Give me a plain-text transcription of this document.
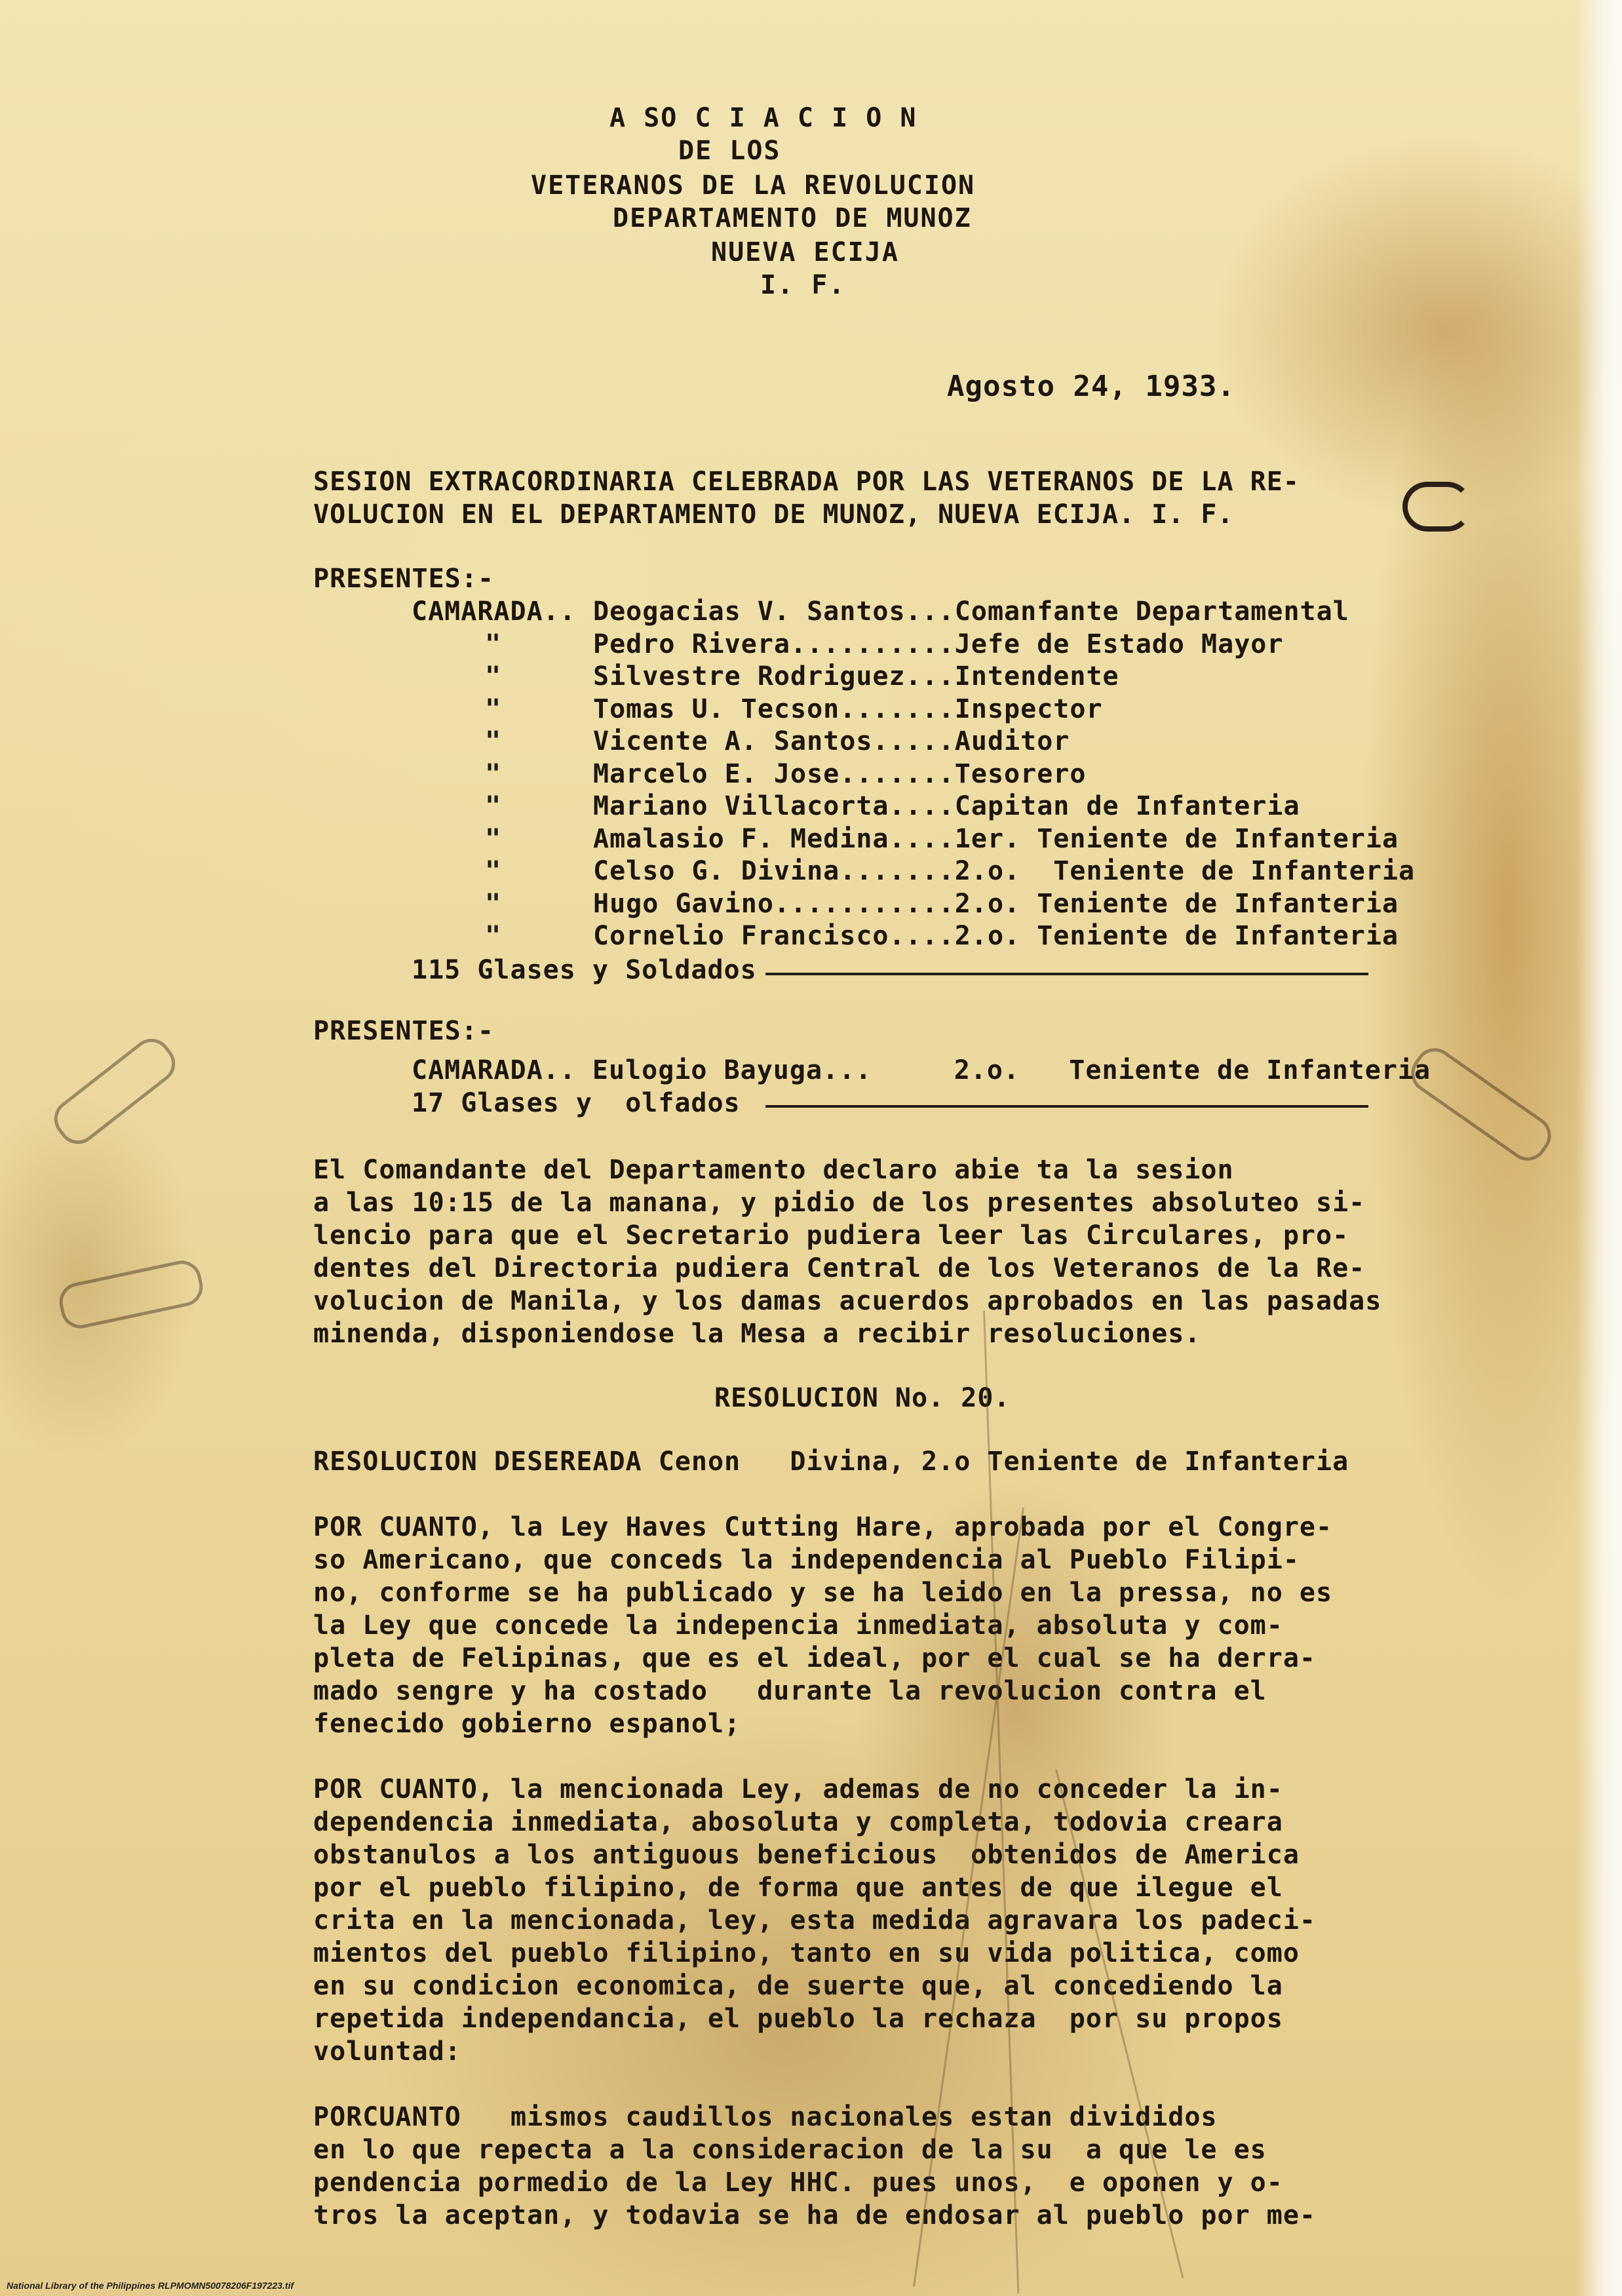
A SO C I A C I O N
DE LOS
VETERANOS DE LA REVOLUCION
DEPARTAMENTO DE MUNOZ
NUEVA ECIJA
I. F.
Agosto 24, 1933.
SESION EXTRACORDINARIA CELEBRADA POR LAS VETERANOS DE LA RE-
VOLUCION EN EL DEPARTAMENTO DE MUNOZ, NUEVA ECIJA. I. F.
PRESENTES:-
CAMARADA.. Deogacias V. Santos...Comanfante Departamental
"	Pedro Rivera..........Jefe de Estado Mayor
"	Silvestre Rodriguez...Intendente
"	Tomas U. Tecson.......Inspector
"	Vicente A. Santos.....Auditor
"	Marcelo E. Jose.......Tesorero
"	Mariano Villacorta....Capitan de Infanteria
"	Amalasio F. Medina....1er. Teniente de Infanteria
"	Celso G. Divina.......2.o.  Teniente de Infanteria
"	Hugo Gavino...........2.o. Teniente de Infanteria
"	Cornelio Francisco....2.o. Teniente de Infanteria
115 Glases y Soldados
PRESENTES:-
CAMARADA.. Eulogio Bayuga...     2.o.   Teniente de Infanteria
17 Glases y  olfados
El Comandante del Departamento declaro abie ta la sesion
a las 10:15 de la manana, y pidio de los presentes absoluteo si-
lencio para que el Secretario pudiera leer las Circulares, pro-
dentes del Directoria pudiera Central de los Veteranos de la Re-
volucion de Manila, y los damas acuerdos aprobados en las pasadas
minenda, disponiendose la Mesa a recibir resoluciones.
RESOLUCION No. 20.
RESOLUCION DESEREADA Cenon   Divina, 2.o Teniente de Infanteria
POR CUANTO, la Ley Haves Cutting Hare, aprobada por el Congre-
so Americano, que conceds la independencia al Pueblo Filipi-
no, conforme se ha publicado y se ha leido en la pressa, no es
la Ley que concede la indepencia inmediata, absoluta y com-
pleta de Felipinas, que es el ideal, por el cual se ha derra-
mado sengre y ha costado   durante la revolucion contra el
fenecido gobierno espanol;
POR CUANTO, la mencionada Ley, ademas de no conceder la in-
dependencia inmediata, abosoluta y completa, todovia creara
obstanulos a los antiguous beneficious  obtenidos de America
por el pueblo filipino, de forma que antes de que ilegue el
crita en la mencionada, ley, esta medida agravara los padeci-
mientos del pueblo filipino, tanto en su vida politica, como
en su condicion economica, de suerte que, al concediendo la
repetida independancia, el pueblo la rechaza  por su propos
voluntad:
PORCUANTO   mismos caudillos nacionales estan divididos
en lo que repecta a la consideracion de la su  a que le es
pendencia pormedio de la Ley HHC. pues unos,  e oponen y o-
tros la aceptan, y todavia se ha de endosar al pueblo por me-
National Library of the Philippines RLPMOMN50078206F197223.tif
